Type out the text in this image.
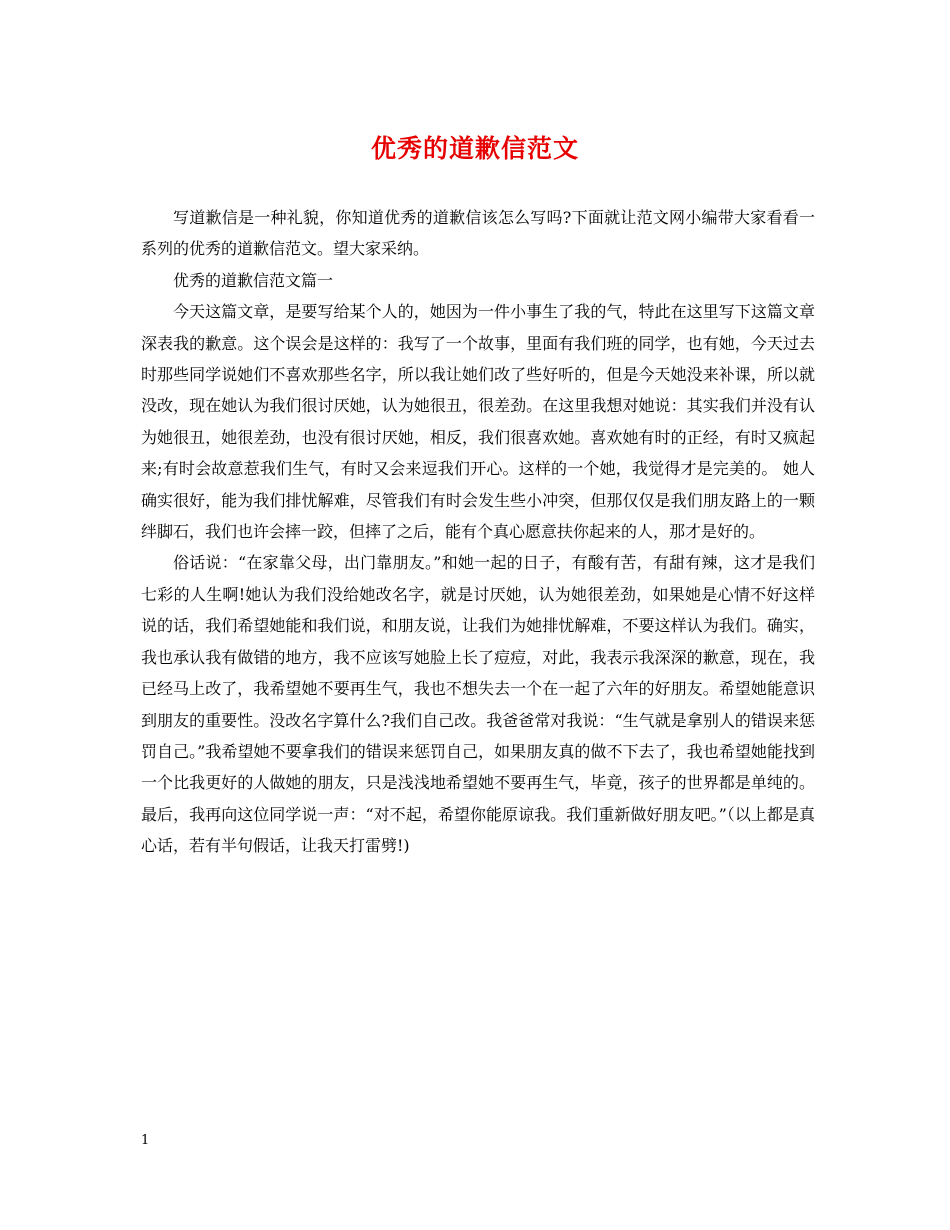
优秀的道歉信范文

写道歉信是一种礼貌，你知道优秀的道歉信该怎么写吗?下面就让范文网小编带大家看看一系列的优秀的道歉信范文。望大家采纳。

优秀的道歉信范文篇一

今天这篇文章，是要写给某个人的，她因为一件小事生了我的气，特此在这里写下这篇文章深表我的歉意。这个误会是这样的：我写了一个故事，里面有我们班的同学，也有她，今天过去时那些同学说她们不喜欢那些名字，所以我让她们改了些好听的，但是今天她没来补课，所以就没改，现在她认为我们很讨厌她，认为她很丑，很差劲。在这里我想对她说：其实我们并没有认为她很丑，她很差劲，也没有很讨厌她，相反，我们很喜欢她。喜欢她有时的正经，有时又疯起来;有时会故意惹我们生气，有时又会来逗我们开心。这样的一个她，我觉得才是完美的。 她人确实很好，能为我们排忧解难，尽管我们有时会发生些小冲突，但那仅仅是我们朋友路上的一颗绊脚石，我们也许会摔一跤，但摔了之后，能有个真心愿意扶你起来的人，那才是好的。

俗话说：“在家靠父母，出门靠朋友。”和她一起的日子，有酸有苦，有甜有辣，这才是我们七彩的人生啊!她认为我们没给她改名字，就是讨厌她，认为她很差劲，如果她是心情不好这样说的话，我们希望她能和我们说，和朋友说，让我们为她排忧解难，不要这样认为我们。确实，我也承认我有做错的地方，我不应该写她脸上长了痘痘，对此，我表示我深深的歉意，现在，我已经马上改了，我希望她不要再生气，我也不想失去一个在一起了六年的好朋友。希望她能意识到朋友的重要性。没改名字算什么?我们自己改。我爸爸常对我说：“生气就是拿别人的错误来惩罚自己。”我希望她不要拿我们的错误来惩罚自己，如果朋友真的做不下去了，我也希望她能找到一个比我更好的人做她的朋友，只是浅浅地希望她不要再生气，毕竟，孩子的世界都是单纯的。 最后，我再向这位同学说一声：“对不起，希望你能原谅我。我们重新做好朋友吧。”（以上都是真心话，若有半句假话，让我天打雷劈!)

1
